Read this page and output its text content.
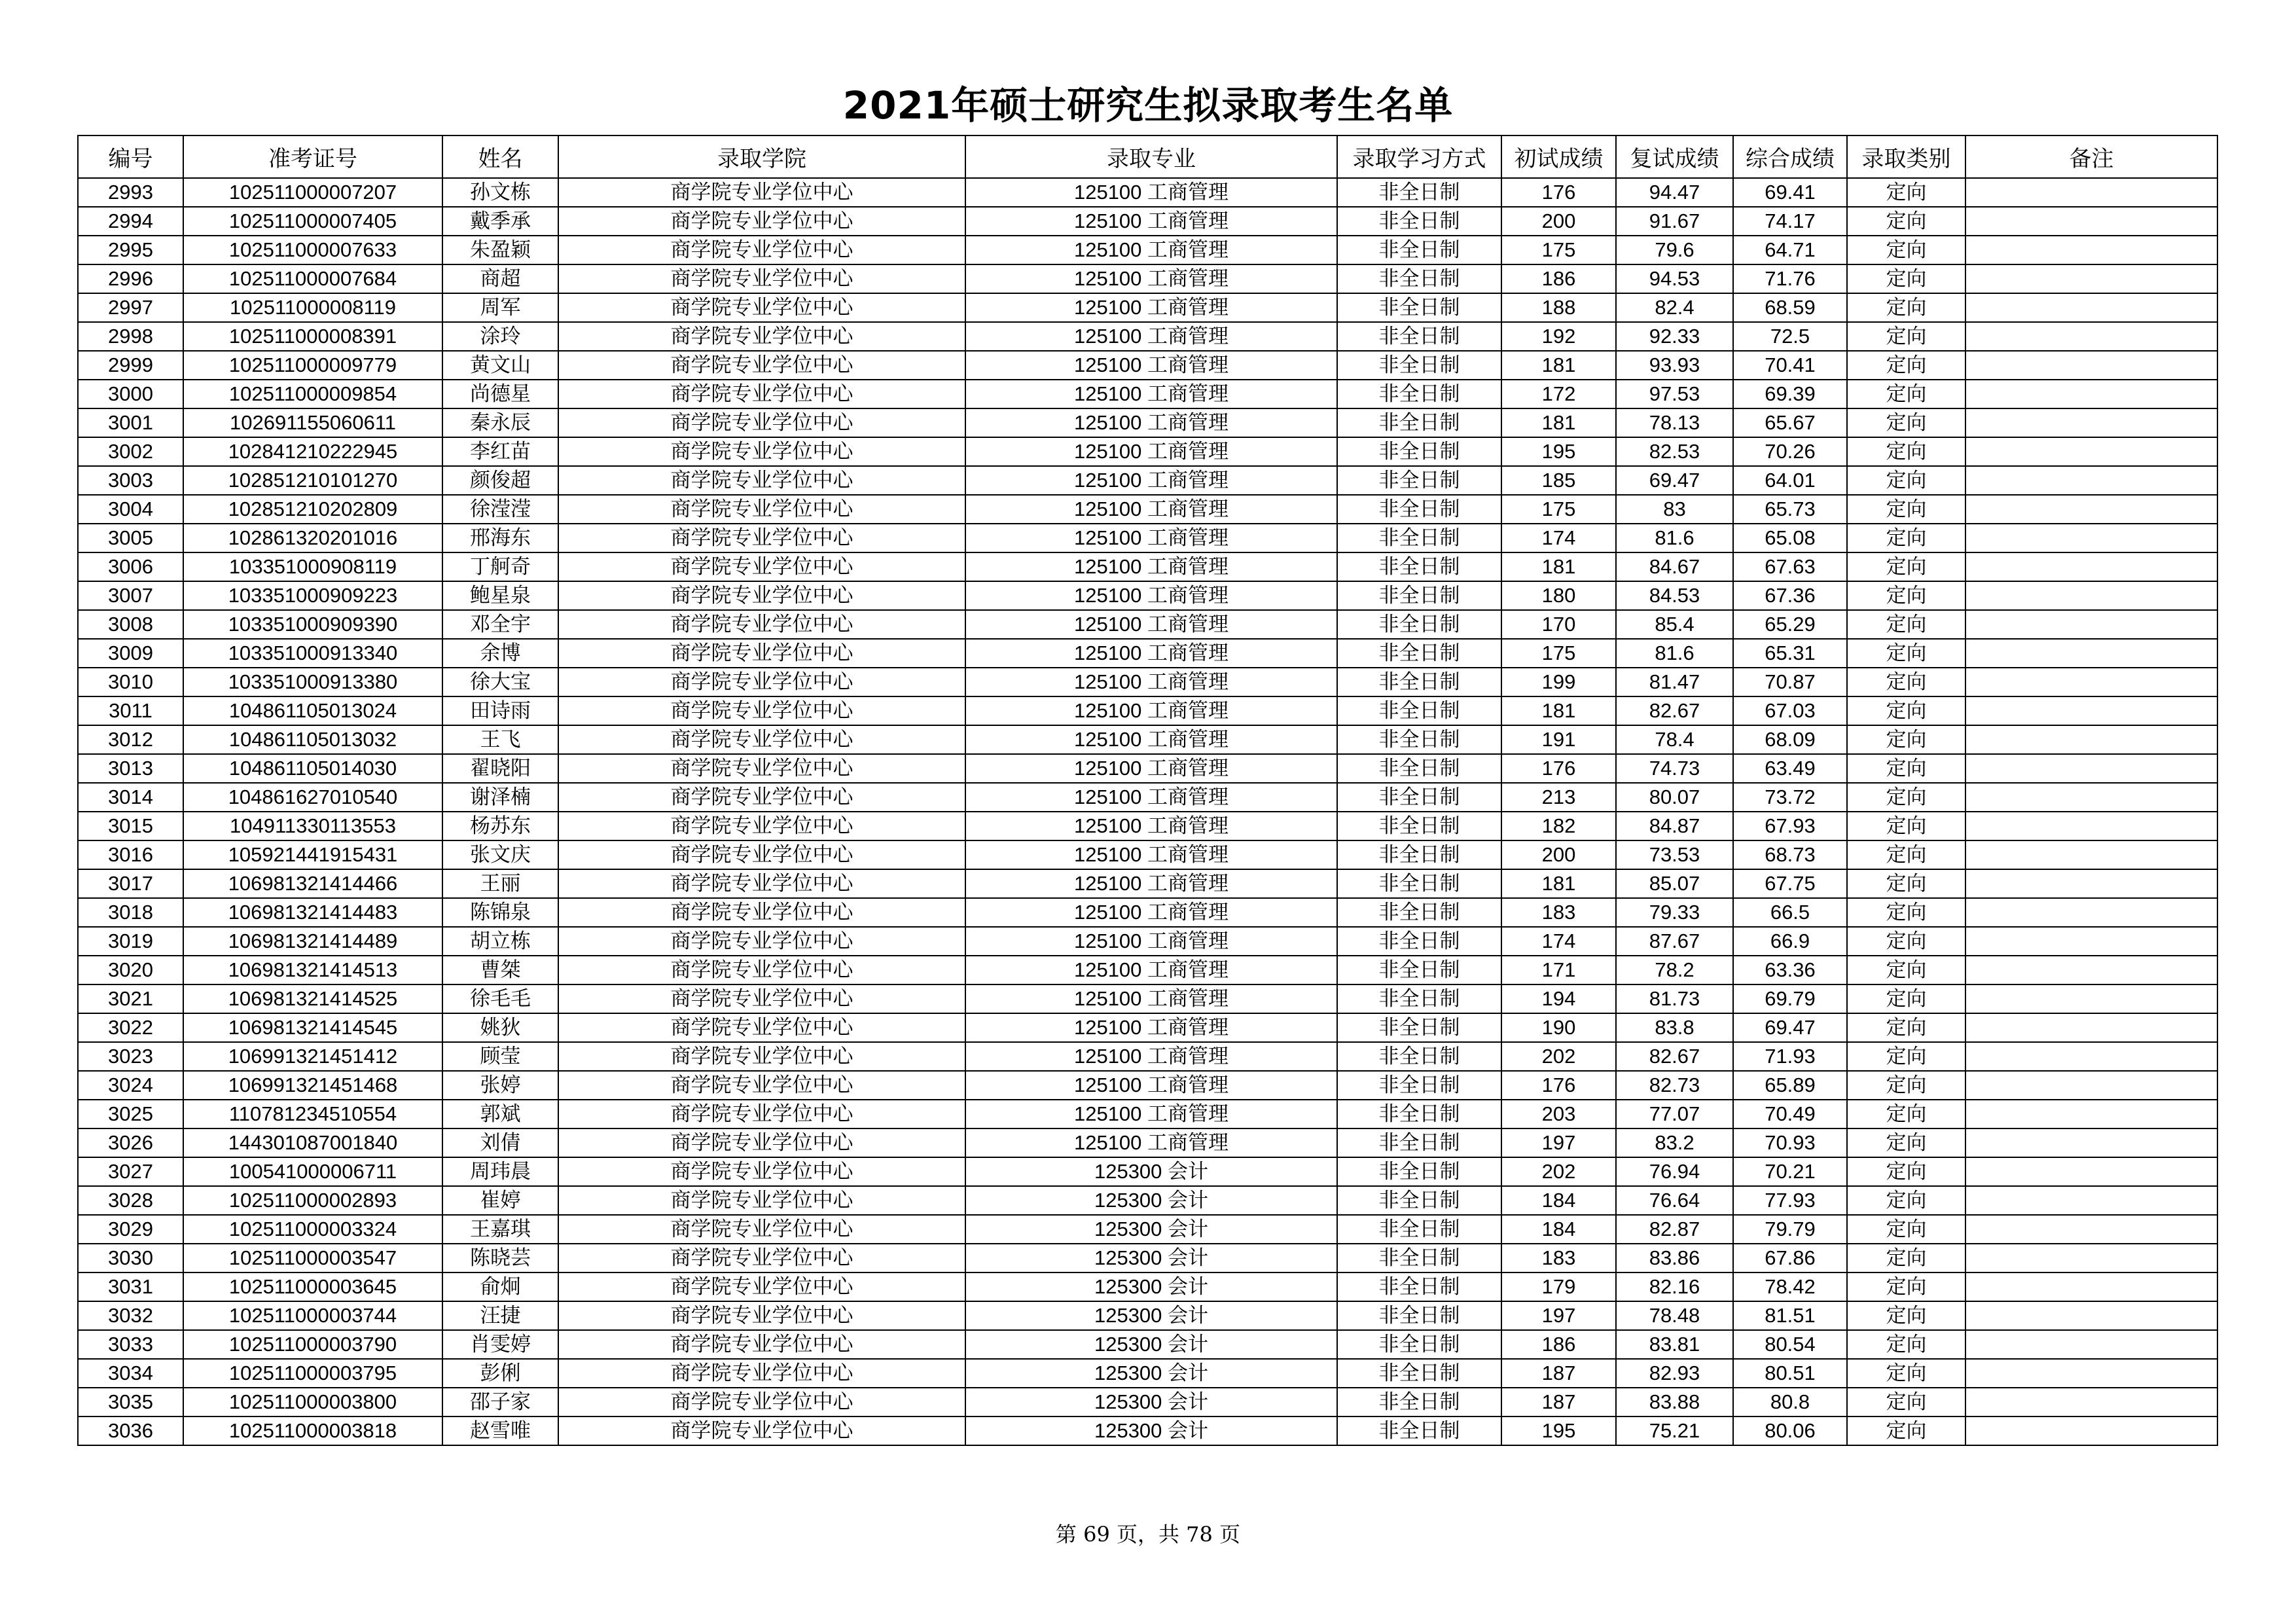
2021年硕士研究生拟录取考生名单
编号	准考证号	姓名	录取学院	录取专业	录取学习方式	初试成绩	复试成绩	综合成绩	录取类别	备注
2993	102511000007207	孙文栋	商学院专业学位中心	125100 工商管理	非全日制	176	94.47	69.41	定向	
2994	102511000007405	戴季承	商学院专业学位中心	125100 工商管理	非全日制	200	91.67	74.17	定向	
2995	102511000007633	朱盈颖	商学院专业学位中心	125100 工商管理	非全日制	175	79.6	64.71	定向	
2996	102511000007684	商超	商学院专业学位中心	125100 工商管理	非全日制	186	94.53	71.76	定向	
2997	102511000008119	周军	商学院专业学位中心	125100 工商管理	非全日制	188	82.4	68.59	定向	
2998	102511000008391	涂玲	商学院专业学位中心	125100 工商管理	非全日制	192	92.33	72.5	定向	
2999	102511000009779	黄文山	商学院专业学位中心	125100 工商管理	非全日制	181	93.93	70.41	定向	
3000	102511000009854	尚德星	商学院专业学位中心	125100 工商管理	非全日制	172	97.53	69.39	定向	
3001	102691155060611	秦永辰	商学院专业学位中心	125100 工商管理	非全日制	181	78.13	65.67	定向	
3002	102841210222945	李红苗	商学院专业学位中心	125100 工商管理	非全日制	195	82.53	70.26	定向	
3003	102851210101270	颜俊超	商学院专业学位中心	125100 工商管理	非全日制	185	69.47	64.01	定向	
3004	102851210202809	徐滢滢	商学院专业学位中心	125100 工商管理	非全日制	175	83	65.73	定向	
3005	102861320201016	邢海东	商学院专业学位中心	125100 工商管理	非全日制	174	81.6	65.08	定向	
3006	103351000908119	丁舸奇	商学院专业学位中心	125100 工商管理	非全日制	181	84.67	67.63	定向	
3007	103351000909223	鲍星泉	商学院专业学位中心	125100 工商管理	非全日制	180	84.53	67.36	定向	
3008	103351000909390	邓全宇	商学院专业学位中心	125100 工商管理	非全日制	170	85.4	65.29	定向	
3009	103351000913340	余博	商学院专业学位中心	125100 工商管理	非全日制	175	81.6	65.31	定向	
3010	103351000913380	徐大宝	商学院专业学位中心	125100 工商管理	非全日制	199	81.47	70.87	定向	
3011	104861105013024	田诗雨	商学院专业学位中心	125100 工商管理	非全日制	181	82.67	67.03	定向	
3012	104861105013032	王飞	商学院专业学位中心	125100 工商管理	非全日制	191	78.4	68.09	定向	
3013	104861105014030	翟晓阳	商学院专业学位中心	125100 工商管理	非全日制	176	74.73	63.49	定向	
3014	104861627010540	谢泽楠	商学院专业学位中心	125100 工商管理	非全日制	213	80.07	73.72	定向	
3015	104911330113553	杨苏东	商学院专业学位中心	125100 工商管理	非全日制	182	84.87	67.93	定向	
3016	105921441915431	张文庆	商学院专业学位中心	125100 工商管理	非全日制	200	73.53	68.73	定向	
3017	106981321414466	王丽	商学院专业学位中心	125100 工商管理	非全日制	181	85.07	67.75	定向	
3018	106981321414483	陈锦泉	商学院专业学位中心	125100 工商管理	非全日制	183	79.33	66.5	定向	
3019	106981321414489	胡立栋	商学院专业学位中心	125100 工商管理	非全日制	174	87.67	66.9	定向	
3020	106981321414513	曹桀	商学院专业学位中心	125100 工商管理	非全日制	171	78.2	63.36	定向	
3021	106981321414525	徐毛毛	商学院专业学位中心	125100 工商管理	非全日制	194	81.73	69.79	定向	
3022	106981321414545	姚狄	商学院专业学位中心	125100 工商管理	非全日制	190	83.8	69.47	定向	
3023	106991321451412	顾莹	商学院专业学位中心	125100 工商管理	非全日制	202	82.67	71.93	定向	
3024	106991321451468	张婷	商学院专业学位中心	125100 工商管理	非全日制	176	82.73	65.89	定向	
3025	110781234510554	郭斌	商学院专业学位中心	125100 工商管理	非全日制	203	77.07	70.49	定向	
3026	144301087001840	刘倩	商学院专业学位中心	125100 工商管理	非全日制	197	83.2	70.93	定向	
3027	100541000006711	周玮晨	商学院专业学位中心	125300 会计	非全日制	202	76.94	70.21	定向	
3028	102511000002893	崔婷	商学院专业学位中心	125300 会计	非全日制	184	76.64	77.93	定向	
3029	102511000003324	王嘉琪	商学院专业学位中心	125300 会计	非全日制	184	82.87	79.79	定向	
3030	102511000003547	陈晓芸	商学院专业学位中心	125300 会计	非全日制	183	83.86	67.86	定向	
3031	102511000003645	俞炯	商学院专业学位中心	125300 会计	非全日制	179	82.16	78.42	定向	
3032	102511000003744	汪捷	商学院专业学位中心	125300 会计	非全日制	197	78.48	81.51	定向	
3033	102511000003790	肖雯婷	商学院专业学位中心	125300 会计	非全日制	186	83.81	80.54	定向	
3034	102511000003795	彭俐	商学院专业学位中心	125300 会计	非全日制	187	82.93	80.51	定向	
3035	102511000003800	邵子家	商学院专业学位中心	125300 会计	非全日制	187	83.88	80.8	定向	
3036	102511000003818	赵雪唯	商学院专业学位中心	125300 会计	非全日制	195	75.21	80.06	定向	
第 69 页，共 78 页
